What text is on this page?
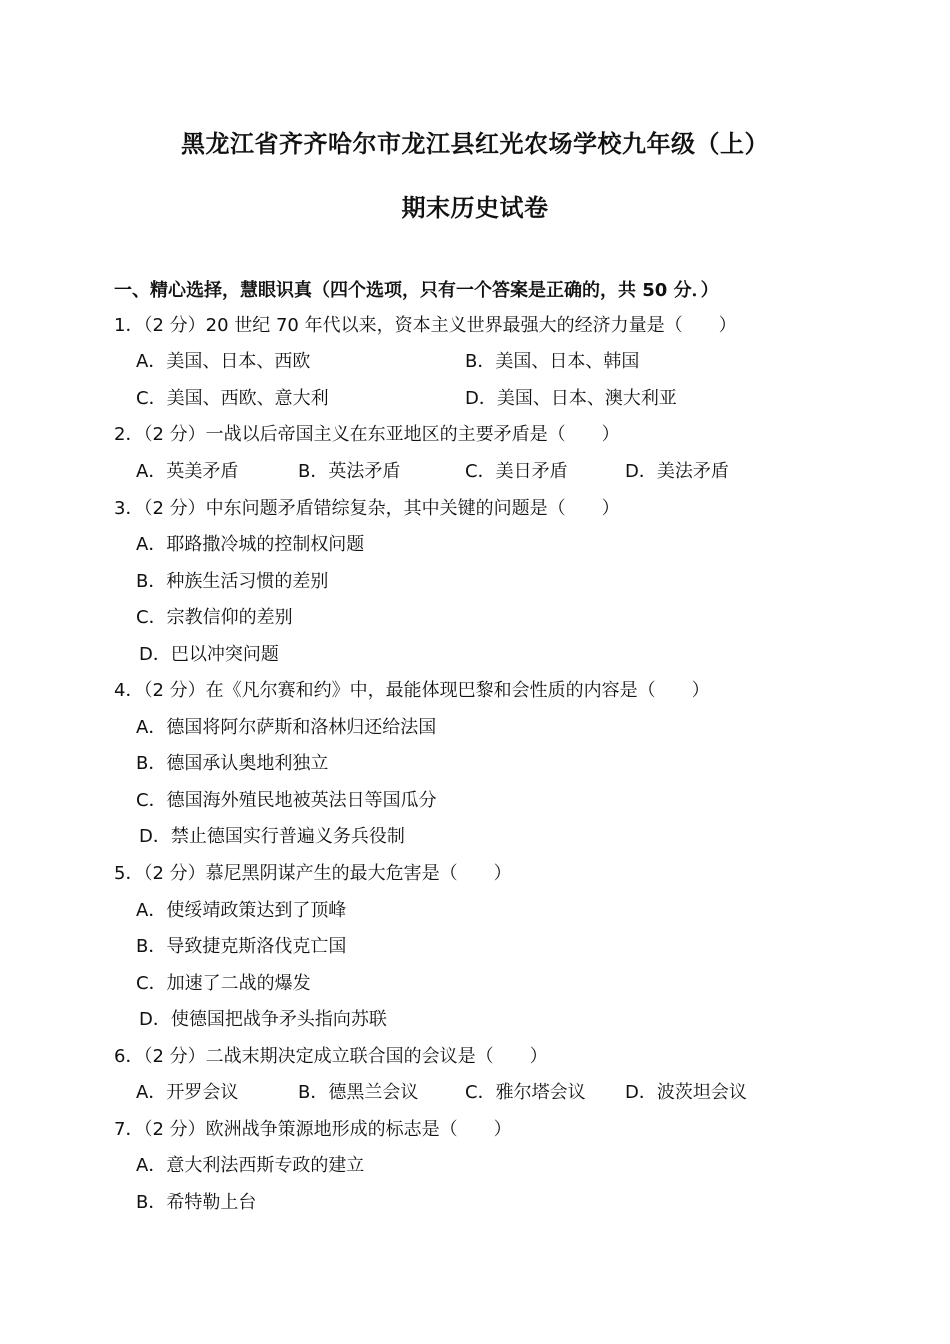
黑龙江省齐齐哈尔市龙江县红光农场学校九年级（上）
期末历史试卷
一、精心选择，慧眼识真（四个选项，只有一个答案是正确的，共 50 分．）
1．（2 分）20 世纪 70 年代以来，资本主义世界最强大的经济力量是（　　）
A．美国、日本、西欧	B．美国、日本、韩国
C．美国、西欧、意大利	D．美国、日本、澳大利亚
2．（2 分）一战以后帝国主义在东亚地区的主要矛盾是（　　）
A．英美矛盾	B．英法矛盾	C．美日矛盾	D．美法矛盾
3．（2 分）中东问题矛盾错综复杂，其中关键的问题是（　　）
A．耶路撒冷城的控制权问题
B．种族生活习惯的差别
C．宗教信仰的差别
D．巴以冲突问题
4．（2 分）在《凡尔赛和约》中，最能体现巴黎和会性质的内容是（　　）
A．德国将阿尔萨斯和洛林归还给法国
B．德国承认奥地利独立
C．德国海外殖民地被英法日等国瓜分
D．禁止德国实行普遍义务兵役制
5．（2 分）慕尼黑阴谋产生的最大危害是（　　）
A．使绥靖政策达到了顶峰
B．导致捷克斯洛伐克亡国
C．加速了二战的爆发
D．使德国把战争矛头指向苏联
6．（2 分）二战末期决定成立联合国的会议是（　　）
A．开罗会议	B．德黑兰会议	C．雅尔塔会议 D．波茨坦会议
7．（2 分）欧洲战争策源地形成的标志是（　　）
A．意大利法西斯专政的建立
B．希特勒上台
